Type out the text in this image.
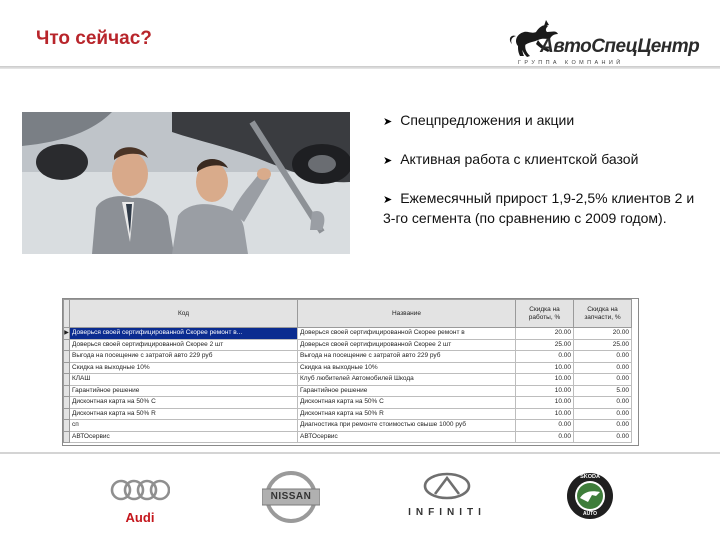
Что сейчас?	АвтоСпецЦентр
ГРУППА КОМПАНИЙ
➤ Спецпредложения и акции
➤ Активная работа с клиентской базой
➤ Ежемесячный прирост 1,9-2,5% клиентов 2 и 3-го сегмента (по сравнению с 2009 годом).
	Код	Название	Скидка на работы, %	Скидка на запчасти, %	
▶	Доверься своей сертифицированной Скорее ремонт в...	Доверься своей сертифицированной Скорее ремонт в	20.00	20.00	
	Доверься своей сертифицированной Скорее 2 шт	Доверься своей сертифицированной Скорее 2 шт	25.00	25.00	
	Выгода на посещение с затратой авто 229 руб	Выгода на посещение с затратой авто 229 руб	0.00	0.00	
	Скидка на выходные 10%	Скидка на выходные 10%	10.00	0.00	
	КЛАШ	Клуб любителей Автомобилей Шкода	10.00	0.00	
	Гарантийное решение	Гарантийное решение	10.00	5.00	
	Дисконтная карта на 50% С	Дисконтная карта на 50% С	10.00	0.00	
	Дисконтная карта на 50% R	Дисконтная карта на 50% R	10.00	0.00	
	сп	Диагностика при ремонте стоимостью свыше 1000 руб	0.00	0.00	
	АВТОсервис	АВТОсервис	0.00	0.00	
Audi
NISSAN
INFINITI
SKODA
AUTO
